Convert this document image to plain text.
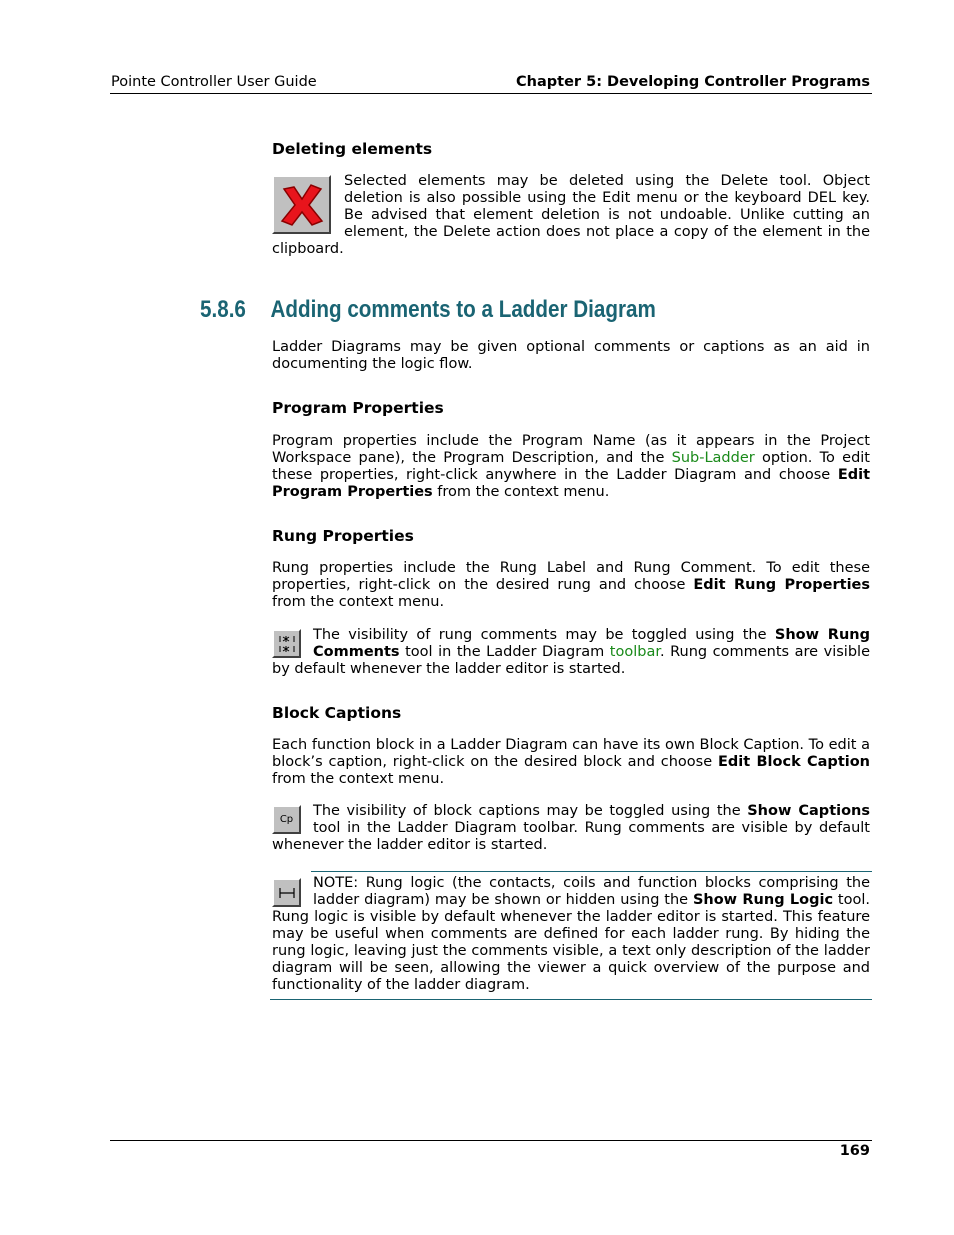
Pointe Controller User Guide	Chapter 5: Developing Controller Programs
Deleting elements

Selected elements may be deleted using the Delete tool. Object deletion is also possible using the Edit menu or the keyboard DEL key. Be advised that element deletion is not undoable. Unlike cutting an element, the Delete action does not place a copy of the element in the clipboard.

5.8.6 Adding comments to a Ladder Diagram

Ladder Diagrams may be given optional comments or captions as an aid in documenting the logic flow.

Program Properties

Program properties include the Program Name (as it appears in the Project Workspace pane), the Program Description, and the Sub-Ladder option. To edit these properties, right-click anywhere in the Ladder Diagram and choose Edit Program Properties from the context menu.

Rung Properties

Rung properties include the Rung Label and Rung Comment. To edit these properties, right-click on the desired rung and choose Edit Rung Properties from the context menu.

The visibility of rung comments may be toggled using the Show Rung Comments tool in the Ladder Diagram toolbar. Rung comments are visible by default whenever the ladder editor is started.

Block Captions

Each function block in a Ladder Diagram can have its own Block Caption. To edit a block’s caption, right-click on the desired block and choose Edit Block Caption from the context menu.

Cp	The visibility of block captions may be toggled using the Show Captions tool in the Ladder Diagram toolbar. Rung comments are visible by default whenever the ladder editor is started.

NOTE: Rung logic (the contacts, coils and function blocks comprising the ladder diagram) may be shown or hidden using the Show Rung Logic tool. Rung logic is visible by default whenever the ladder editor is started. This feature may be useful when comments are defined for each ladder rung. By hiding the rung logic, leaving just the comments visible, a text only description of the ladder diagram will be seen, allowing the viewer a quick overview of the purpose and functionality of the ladder diagram.

169
